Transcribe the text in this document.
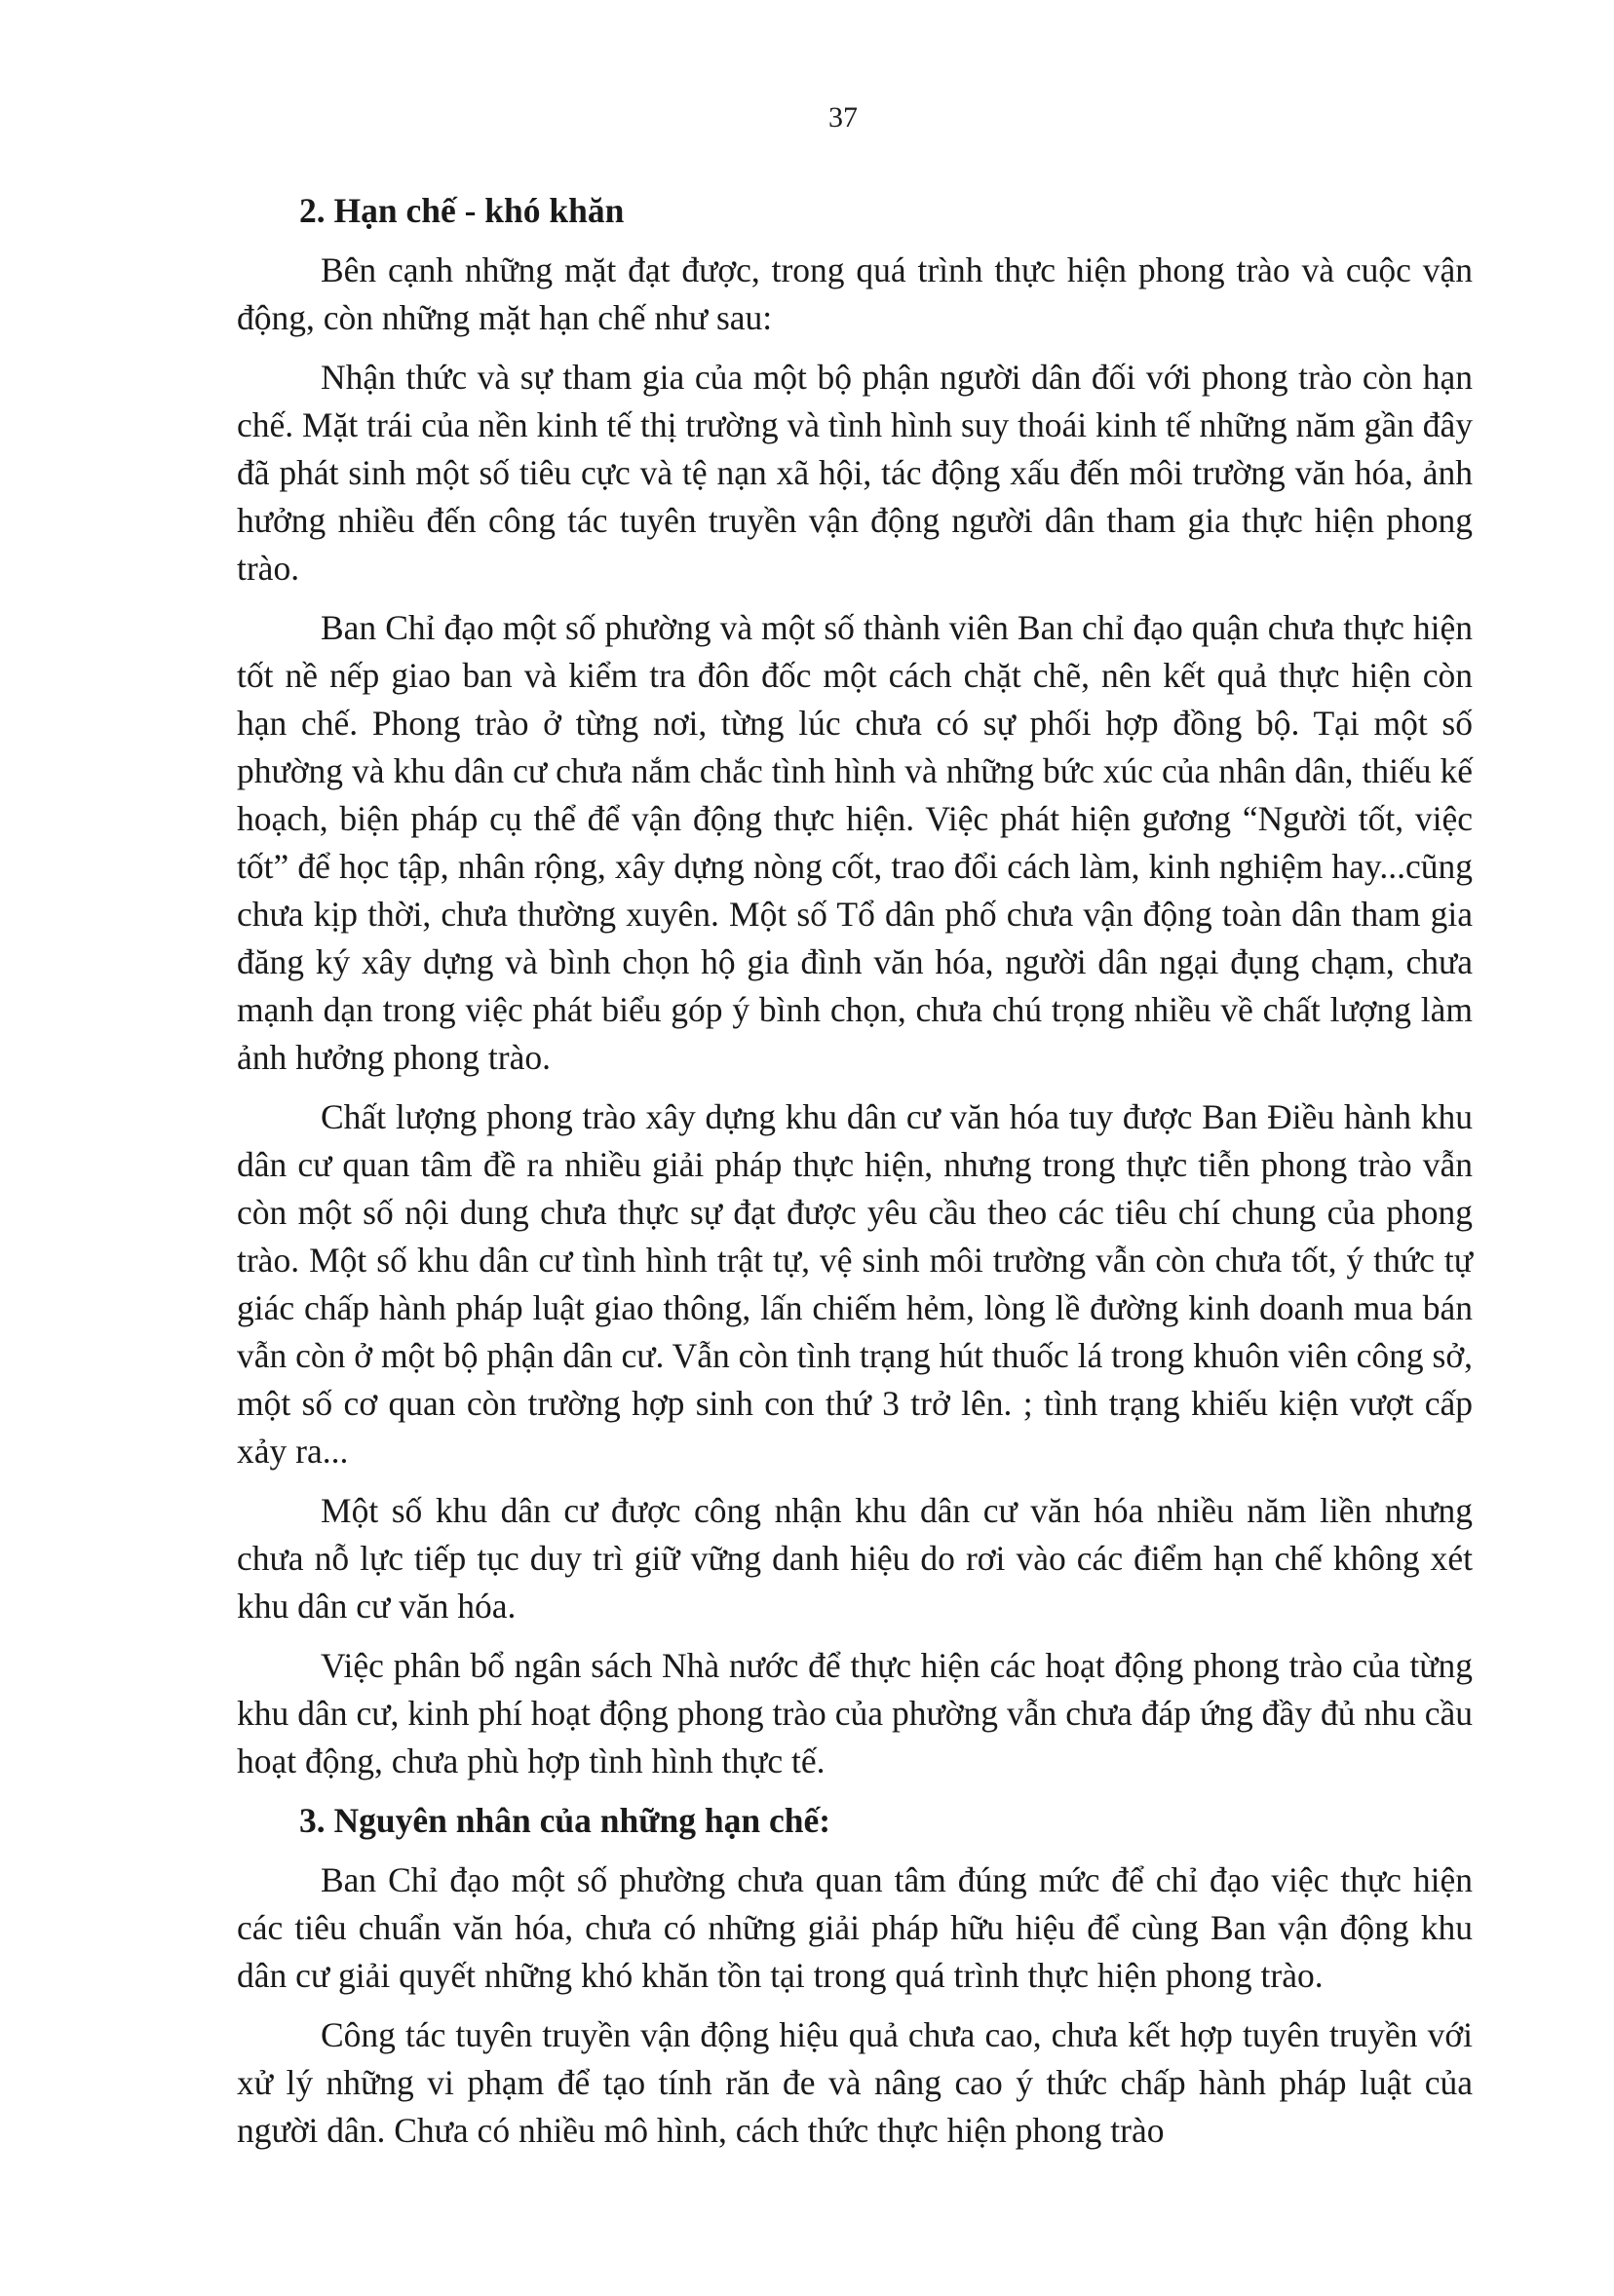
37
2. Hạn chế - khó khăn

Bên cạnh những mặt đạt được, trong quá trình thực hiện phong trào và cuộc vận động, còn những mặt hạn chế như sau:

Nhận thức và sự tham gia của một bộ phận người dân đối với phong trào còn hạn chế. Mặt trái của nền kinh tế thị trường và tình hình suy thoái kinh tế những năm gần đây đã phát sinh một số tiêu cực và tệ nạn xã hội, tác động xấu đến môi trường văn hóa, ảnh hưởng nhiều đến công tác tuyên truyền vận động người dân tham gia thực hiện phong trào.

Ban Chỉ đạo một số phường và một số thành viên Ban chỉ đạo quận chưa thực hiện tốt nề nếp giao ban và kiểm tra đôn đốc một cách chặt chẽ, nên kết quả thực hiện còn hạn chế. Phong trào ở từng nơi, từng lúc chưa có sự phối hợp đồng bộ. Tại một số phường và khu dân cư chưa nắm chắc tình hình và những bức xúc của nhân dân, thiếu kế hoạch, biện pháp cụ thể để vận động thực hiện. Việc phát hiện gương “Người tốt, việc tốt” để học tập, nhân rộng, xây dựng nòng cốt, trao đổi cách làm, kinh nghiệm hay...cũng chưa kịp thời, chưa thường xuyên. Một số Tổ dân phố chưa vận động toàn dân tham gia đăng ký xây dựng và bình chọn hộ gia đình văn hóa, người dân ngại đụng chạm, chưa mạnh dạn trong việc phát biểu góp ý bình chọn, chưa chú trọng nhiều về chất lượng làm ảnh hưởng phong trào.

Chất lượng phong trào xây dựng khu dân cư văn hóa tuy được Ban Điều hành khu dân cư quan tâm đề ra nhiều giải pháp thực hiện, nhưng trong thực tiễn phong trào vẫn còn một số nội dung chưa thực sự đạt được yêu cầu theo các tiêu chí chung của phong trào. Một số khu dân cư tình hình trật tự, vệ sinh môi trường vẫn còn chưa tốt, ý thức tự giác chấp hành pháp luật giao thông, lấn chiếm hẻm, lòng lề đường kinh doanh mua bán vẫn còn ở một bộ phận dân cư. Vẫn còn tình trạng hút thuốc lá trong khuôn viên công sở, một số cơ quan còn trường hợp sinh con thứ 3 trở lên. ; tình trạng khiếu kiện vượt cấp xảy ra...

Một số khu dân cư được công nhận khu dân cư văn hóa nhiều năm liền nhưng chưa nỗ lực tiếp tục duy trì giữ vững danh hiệu do rơi vào các điểm hạn chế không xét khu dân cư văn hóa.

Việc phân bổ ngân sách Nhà nước để thực hiện các hoạt động phong trào của từng khu dân cư, kinh phí hoạt động phong trào của phường vẫn chưa đáp ứng đầy đủ nhu cầu hoạt động, chưa phù hợp tình hình thực tế.

3. Nguyên nhân của những hạn chế:

Ban Chỉ đạo một số phường chưa quan tâm đúng mức để chỉ đạo việc thực hiện các tiêu chuẩn văn hóa, chưa có những giải pháp hữu hiệu để cùng Ban vận động khu dân cư giải quyết những khó khăn tồn tại trong quá trình thực hiện phong trào.

Công tác tuyên truyền vận động hiệu quả chưa cao, chưa kết hợp tuyên truyền với xử lý những vi phạm để tạo tính răn đe và nâng cao ý thức chấp hành pháp luật của người dân. Chưa có nhiều mô hình, cách thức thực hiện phong trào
